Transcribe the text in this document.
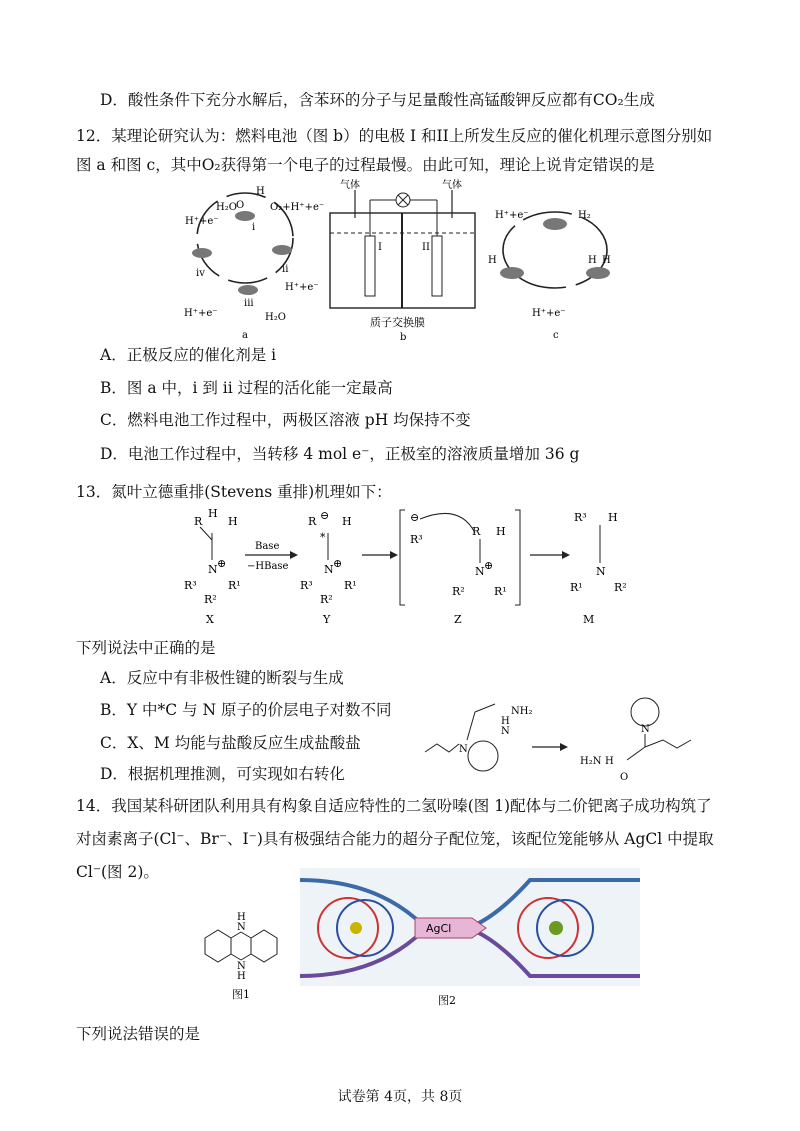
D．酸性条件下充分水解后，含苯环的分子与足量酸性高锰酸钾反应都有CO₂生成
12．某理论研究认为：燃料电池（图 b）的电极 I 和II上所发生反应的催化机理示意图分别如
图 a 和图 c，其中O₂获得第一个电子的过程最慢。由此可知，理论上说肯定错误的是
i
ii
iii
iv
O
H
H₂O
H⁺+e⁻
O₂+H⁺+e⁻
H⁺+e⁻
H₂O
H⁺+e⁻
a
气体	气体
I	II
质子交换膜
b
H⁺+e⁻	H₂
H	H H
H⁺+e⁻
c
A．正极反应的催化剂是 i
B．图 a 中，i 到 ii 过程的活化能一定最高
C．燃料电池工作过程中，两极区溶液 pH 均保持不变
D．电池工作过程中，当转移 4 mol e⁻，正极室的溶液质量增加 36 g
13．氮叶立德重排(Stevens 重排)机理如下：
R
H
H
N ⊕
R³	R¹
R²
X
Base
−HBase
R ⊖ H
*
N ⊕
R³	R¹
R²
Y
⊖
R³
R H
N ⊕
R²	R¹
Z
R³ H
N
R¹	R²
M
下列说法中正确的是
A．反应中有非极性键的断裂与生成
B．Y 中*C 与 N 原子的价层电子对数不同
C．X、M 均能与盐酸反应生成盐酸盐
D．根据机理推测，可实现如右转化
N
H
N
NH₂
N
O
H₂N H
14．我国某科研团队利用具有构象自适应特性的二氢吩嗪(图 1)配体与二价钯离子成功构筑了
对卤素离子(Cl⁻、Br⁻、I⁻)具有极强结合能力的超分子配位笼，该配位笼能够从 AgCl 中提取
Cl⁻(图 2)。
H
N
N
H
图1
AgCl
图2
下列说法错误的是
试卷第 4页，共 8页
